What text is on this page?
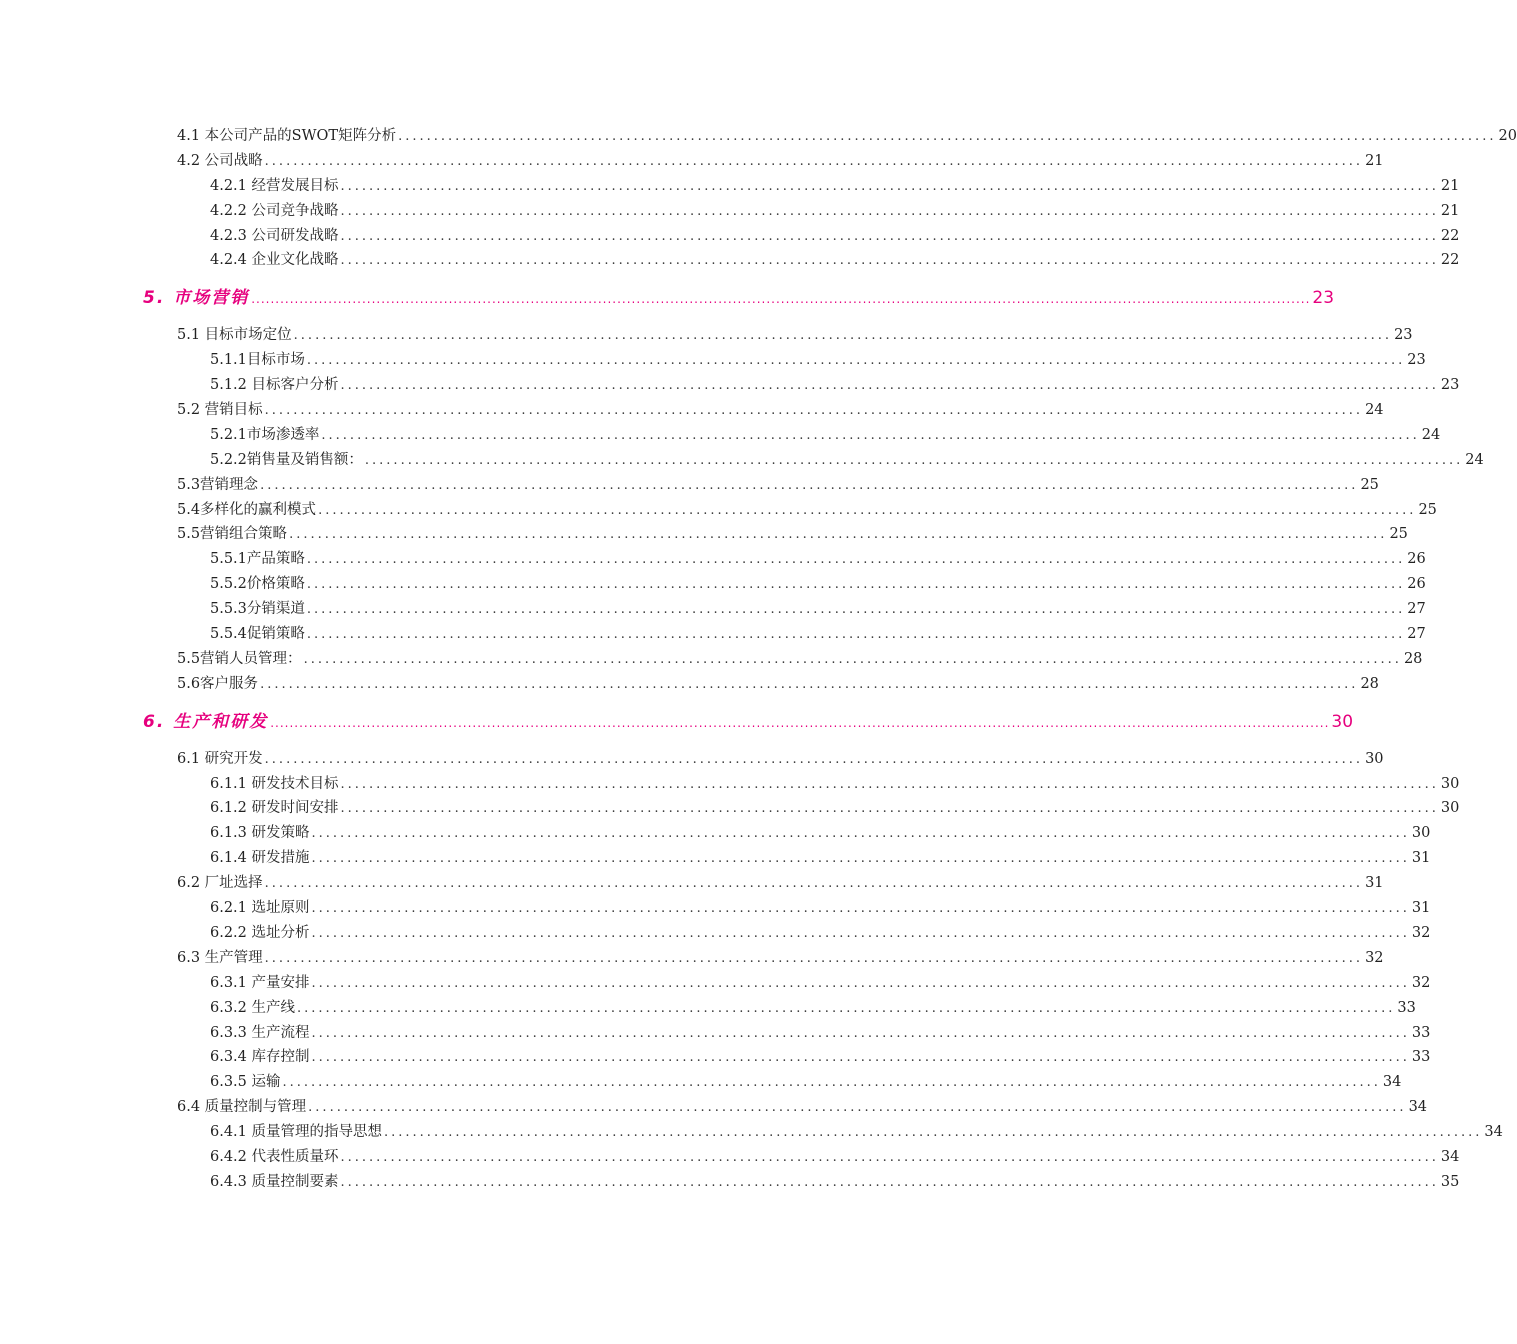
4.1 本公司产品的SWOT矩阵分析 .......................................................................................................................................................... 20
4.2 公司战略 .......................................................................................................................................................... 21
4.2.1 经营发展目标 .......................................................................................................................................................... 21
4.2.2 公司竞争战略 .......................................................................................................................................................... 21
4.2.3 公司研发战略 .......................................................................................................................................................... 22
4.2.4 企业文化战略 .......................................................................................................................................................... 22
5. 市场营销 ............................................................................................................................................................................................................................ 23
5.1 目标市场定位 .......................................................................................................................................................... 23
5.1.1目标市场 .......................................................................................................................................................... 23
5.1.2 目标客户分析 .......................................................................................................................................................... 23
5.2 营销目标 .......................................................................................................................................................... 24
5.2.1市场渗透率 .......................................................................................................................................................... 24
5.2.2销售量及销售额： .......................................................................................................................................................... 24
5.3营销理念 .......................................................................................................................................................... 25
5.4多样化的赢利模式 .......................................................................................................................................................... 25
5.5营销组合策略 .......................................................................................................................................................... 25
5.5.1产品策略 .......................................................................................................................................................... 26
5.5.2价格策略 .......................................................................................................................................................... 26
5.5.3分销渠道 .......................................................................................................................................................... 27
5.5.4促销策略 .......................................................................................................................................................... 27
5.5营销人员管理： .......................................................................................................................................................... 28
5.6客户服务 .......................................................................................................................................................... 28
6. 生产和研发 ............................................................................................................................................................................................................................ 30
6.1 研究开发 .......................................................................................................................................................... 30
6.1.1 研发技术目标 .......................................................................................................................................................... 30
6.1.2 研发时间安排 .......................................................................................................................................................... 30
6.1.3 研发策略 .......................................................................................................................................................... 30
6.1.4 研发措施 .......................................................................................................................................................... 31
6.2 厂址选择 .......................................................................................................................................................... 31
6.2.1 选址原则 .......................................................................................................................................................... 31
6.2.2 选址分析 .......................................................................................................................................................... 32
6.3 生产管理 .......................................................................................................................................................... 32
6.3.1 产量安排 .......................................................................................................................................................... 32
6.3.2 生产线 .......................................................................................................................................................... 33
6.3.3 生产流程 .......................................................................................................................................................... 33
6.3.4 库存控制 .......................................................................................................................................................... 33
6.3.5 运输 .......................................................................................................................................................... 34
6.4 质量控制与管理 .......................................................................................................................................................... 34
6.4.1 质量管理的指导思想 .......................................................................................................................................................... 34
6.4.2 代表性质量环 .......................................................................................................................................................... 34
6.4.3 质量控制要素 .......................................................................................................................................................... 35
